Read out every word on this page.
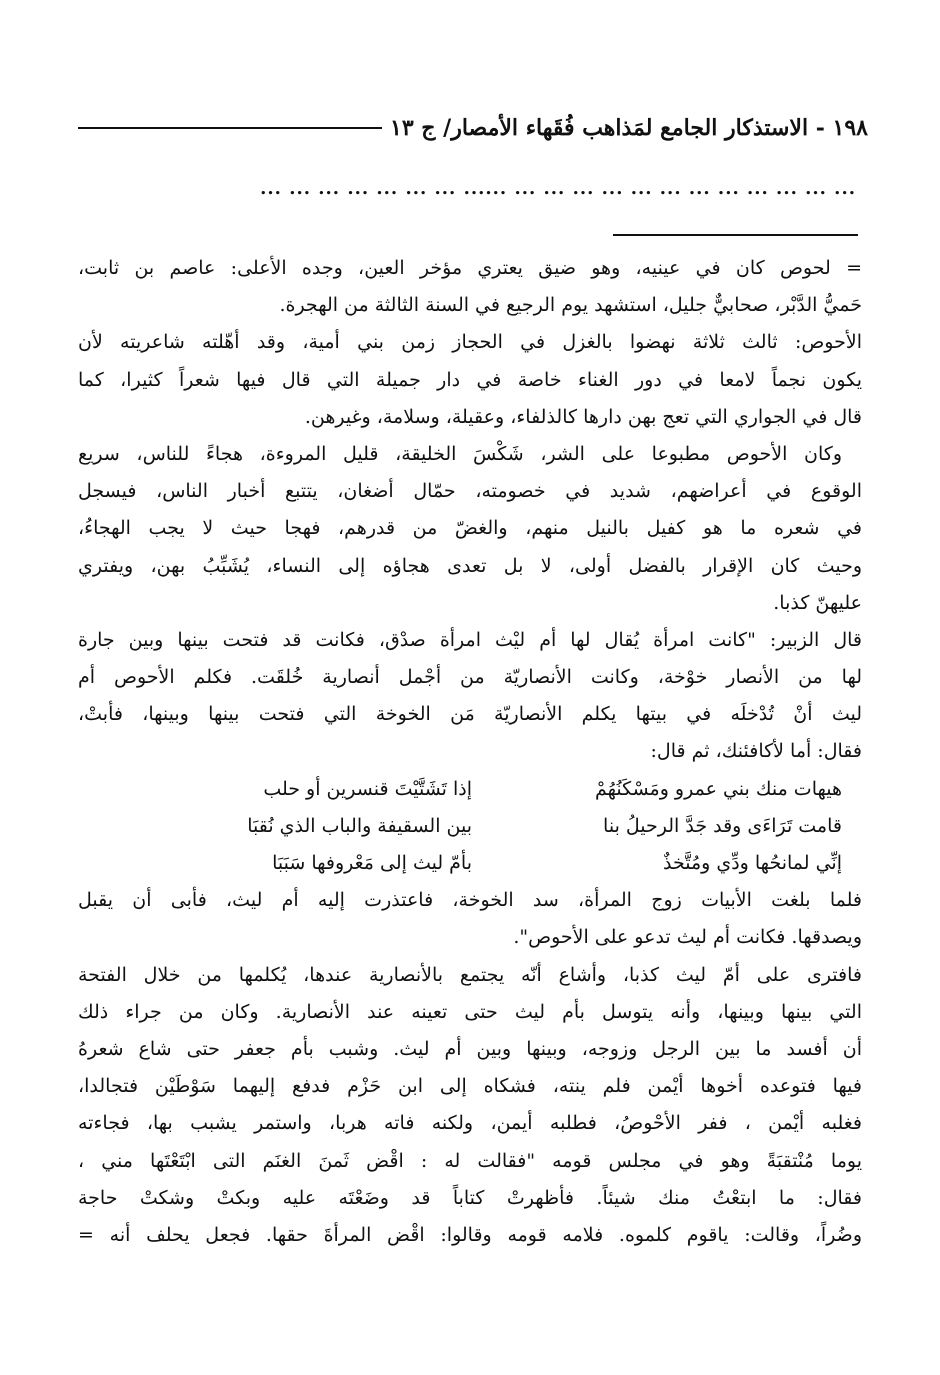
١٩٨ - الاستذكار الجامع لمَذاهب فُقَهاء الأمصار/ ج ١٣
... ... ... ... ... ... ... ... ... ... ... ... ...... ... ... ... ... ... ... ...
= لحوص كان في عينيه، وهو ضيق يعتري مؤخر العين، وجده الأعلى: عاصم بن ثابت،
حَميُّ الدَّبْر، صحابيٌّ جليل، استشهد يوم الرجيع في السنة الثالثة من الهجرة.
الأحوص: ثالث ثلاثة نهضوا بالغزل في الحجاز زمن بني أمية، وقد أهّلته شاعريته لأن
يكون نجماً لامعا في دور الغناء خاصة في دار جميلة التي قال فيها شعراً كثيرا، كما
قال في الجواري التي تعج بهن دارها كالذلفاء، وعقيلة، وسلامة، وغيرهن.
وكان الأحوص مطبوعا على الشر، شَكْسَ الخليقة، قليل المروءة، هجاءً للناس، سريع
الوقوع في أعراضهم، شديد في خصومته، حمّال أضغان، يتتبع أخبار الناس، فيسجل
في شعره ما هو كفيل بالنيل منهم، والغضّ من قدرهم، فهجا حيث لا يجب الهجاءُ،
وحيث كان الإقرار بالفضل أولى، لا بل تعدى هجاؤه إلى النساء، يُشَبِّبُ بهن، ويفتري
عليهنّ كذبا.
قال الزبير: "كانت امرأة يُقال لها أم ليْث امرأة صدْق، فكانت قد فتحت بينها وبين جارة
لها من الأنصار خوْخة، وكانت الأنصاريّة من أجْمل أنصارية خُلقَت. فكلم الأحوص أم
ليث أنْ تُدْخلَه في بيتها يكلم الأنصاريّة مَن الخوخة التي فتحت بينها وبينها، فأبتْ،
فقال: أما لأكافئنك، ثم قال:
هيهات منك بني عمرو ومَسْكَنُهُمْ
إذا تَشَتَّيْتَ قنسرين أو حلب
قامت تَرَاءَى وقد جَدَّ الرحيلُ بنا
بين السقيفة والباب الذي نُقبَا
إنِّي لمانحُها ودِّي ومُتَّخذٌ
بأمّ ليث إلى مَعْروفها سَبَبَا
فلما بلغت الأبيات زوج المرأة، سد الخوخة، فاعتذرت إليه أم ليث، فأبى أن يقبل
ويصدقها. فكانت أم ليث تدعو على الأحوص".
فافترى على أمّ ليث كذبا، وأشاع أنّه يجتمع بالأنصارية عندها، يُكلمها من خلال الفتحة
التي بينها وبينها، وأنه يتوسل بأم ليث حتى تعينه عند الأنصارية. وكان من جراء ذلك
أن أفسد ما بين الرجل وزوجه، وبينها وبين أم ليث. وشبب بأم جعفر حتى شاع شعرهُ
فيها فتوعده أخوها أيْمن فلم ينته، فشكاه إلى ابن حَزْم فدفع إليهما سَوْطَيْن فتجالدا،
فغلبه أيْمن ، ففر الأحْوصُ، فطلبه أيمن، ولكنه فاته هربا، واستمر يشبب بها، فجاءته
يوما مُنْتقبَةً وهو في مجلس قومه "فقالت له : اقْض ثَمنَ الغنَم التى ابْتَعْتَها مني ،
فقال: ما ابتعْتُ منك شيئاً. فأظهرتْ كتاباً قد وضَعْتَه عليه وبكتْ وشكتْ حاجة
وضُراً، وقالت: ياقوم كلموه. فلامه قومه وقالوا: اقْض المرأةَ حقها. فجعل يحلف أنه =
